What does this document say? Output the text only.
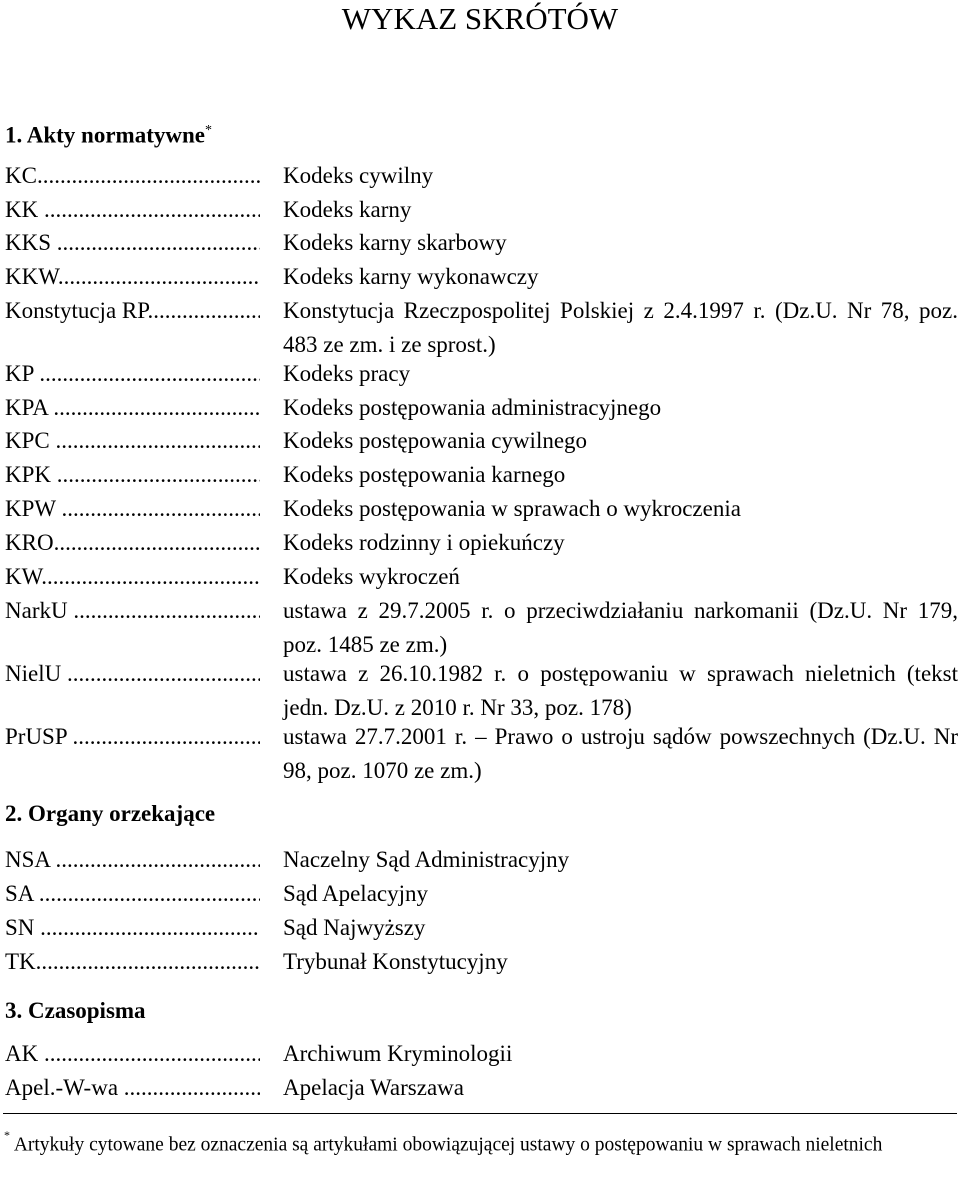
WYKAZ SKRÓTÓW
1. Akty normatywne*
KC .....	Kodeks cywilny
KK .....	Kodeks karny
KKS .....	Kodeks karny skarbowy
KKW .....	Kodeks karny wykonawczy
Konstytucja RP .....	Konstytucja Rzeczpospolitej Polskiej z 2.4.1997 r. (Dz.U. Nr 78, poz. 483 ze zm. i ze sprost.)
KP .....	Kodeks pracy
KPA .....	Kodeks postępowania administracyjnego
KPC .....	Kodeks postępowania cywilnego
KPK .....	Kodeks postępowania karnego
KPW .....	Kodeks postępowania w sprawach o wykroczenia
KRO .....	Kodeks rodzinny i opiekuńczy
KW .....	Kodeks wykroczeń
NarkU .....	ustawa z 29.7.2005 r. o przeciwdziałaniu narkomanii (Dz.U. Nr 179, poz. 1485 ze zm.)
NielU .....	ustawa z 26.10.1982 r. o postępowaniu w sprawach nieletnich (tekst jedn. Dz.U. z 2010 r. Nr 33, poz. 178)
PrUSP .....	ustawa 27.7.2001 r. – Prawo o ustroju sądów powszechnych (Dz.U. Nr 98, poz. 1070 ze zm.)
2. Organy orzekające
NSA .....	Naczelny Sąd Administracyjny
SA .....	Sąd Apelacyjny
SN .....	Sąd Najwyższy
TK .....	Trybunał Konstytucyjny
3. Czasopisma
AK .....	Archiwum Kryminologii
Apel.-W-wa .....	Apelacja Warszawa
* Artykuły cytowane bez oznaczenia są artykułami obowiązującej ustawy o postępowaniu w sprawach nieletnich
